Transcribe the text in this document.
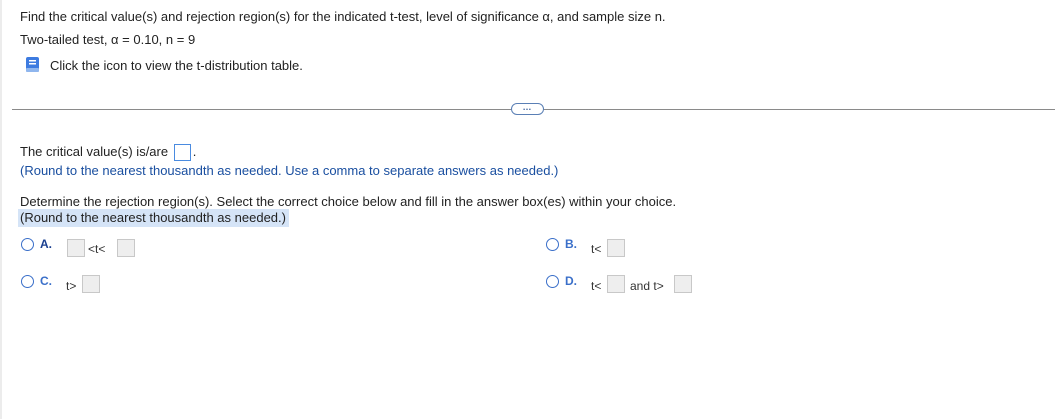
Find the critical value(s) and rejection region(s) for the indicated t-test, level of significance α, and sample size n.
Two-tailed test, α = 0.10, n = 9
Click the icon to view the t-distribution table.
…
The critical value(s) is/are .
(Round to the nearest thousandth as needed. Use a comma to separate answers as needed.)
Determine the rejection region(s). Select the correct choice below and fill in the answer box(es) within your choice.
(Round to the nearest thousandth as needed.)
A.	<t<	B. t<
C. t>	D. t< and t>
